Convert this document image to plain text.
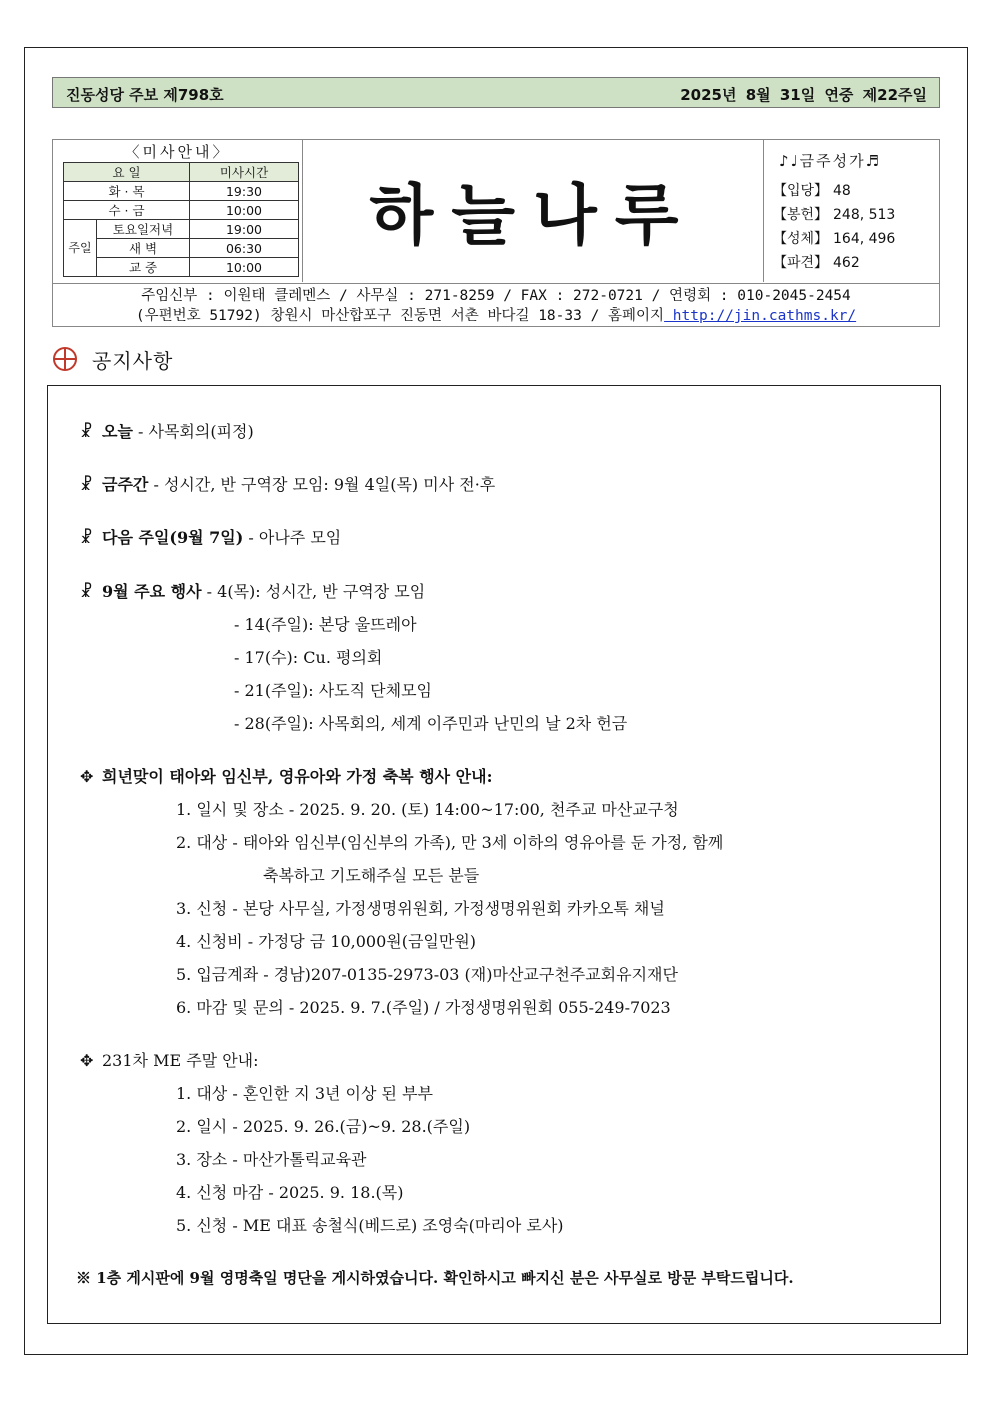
진동성당 주보 제798호	2025년 8월 31일 연중 제22주일
〈미사안내〉
요 일		미사시간
화 · 목		19:30
수 · 금		10:00
주일	토요일저녁	19:00
	새 벽	06:30
	교 중	10:00
하늘나루
♪♩금주성가♬
【입당】 48
【봉헌】 248, 513
【성체】 164, 496
【파견】 462
주임신부 : 이원태 클레멘스 / 사무실 : 271-8259 / FAX : 272-0721 / 연령회 : 010-2045-2454
(우편번호 51792) 창원시 마산합포구 진동면 서촌 바다길 18-33 / 홈페이지 http://jin.cathms.kr/
공지사항
☧ 오늘 - 사목회의(피정)
☧ 금주간 - 성시간, 반 구역장 모임: 9월 4일(목) 미사 전·후
☧ 다음 주일(9월 7일) - 아나주 모임
☧ 9월 주요 행사 - 4(목): 성시간, 반 구역장 모임
- 14(주일): 본당 울뜨레아
- 17(수): Cu. 평의회
- 21(주일): 사도직 단체모임
- 28(주일): 사목회의, 세계 이주민과 난민의 날 2차 헌금
✥ 희년맞이 태아와 임신부, 영유아와 가정 축복 행사 안내:
1. 일시 및 장소 - 2025. 9. 20. (토) 14:00~17:00, 천주교 마산교구청
2. 대상 - 태아와 임신부(임신부의 가족), 만 3세 이하의 영유아를 둔 가정, 함께
축복하고 기도해주실 모든 분들
3. 신청 - 본당 사무실, 가정생명위원회, 가정생명위원회 카카오톡 채널
4. 신청비 - 가정당 금 10,000원(금일만원)
5. 입금계좌 - 경남)207-0135-2973-03 (재)마산교구천주교회유지재단
6. 마감 및 문의 - 2025. 9. 7.(주일) / 가정생명위원회 055-249-7023
✥ 231차 ME 주말 안내:
1. 대상 - 혼인한 지 3년 이상 된 부부
2. 일시 - 2025. 9. 26.(금)~9. 28.(주일)
3. 장소 - 마산가톨릭교육관
4. 신청 마감 - 2025. 9. 18.(목)
5. 신청 - ME 대표 송철식(베드로) 조영숙(마리아 로사)
※ 1층 게시판에 9월 영명축일 명단을 게시하였습니다. 확인하시고 빠지신 분은 사무실로 방문 부탁드립니다.
